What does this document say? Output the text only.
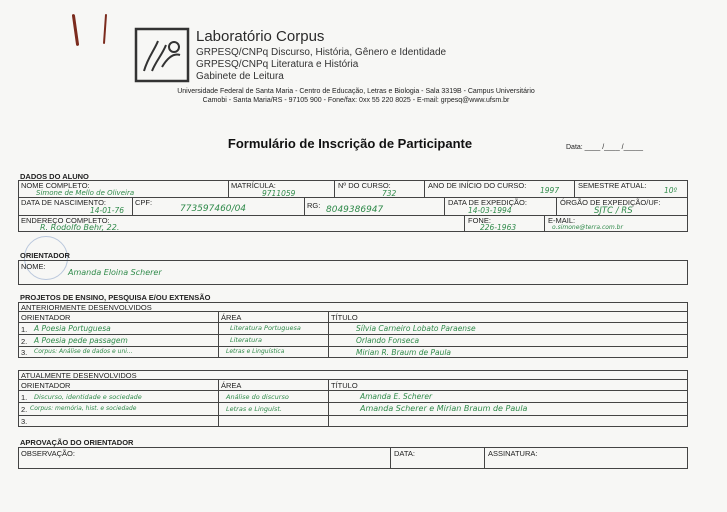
Laboratório Corpus
GRPESQ/CNPq Discurso, História, Gênero e Identidade
GRPESQ/CNPq Literatura e História
Gabinete de Leitura
Universidade Federal de Santa Maria - Centro de Educação, Letras e Biologia - Sala 3319B - Campus Universitário
Camobi - Santa Maria/RS - 97105 900 - Fone/fax: 0xx 55 220 8025 - E-mail: grpesq@www.ufsm.br
Formulário de Inscrição de Participante	Data: ____ /____ /_____
DADOS DO ALUNO
NOME COMPLETO:
Simone de Mello de Oliveira
MATRÍCULA:
9711059
Nº DO CURSO:
732
ANO DE INÍCIO DO CURSO:
1997
SEMESTRE ATUAL:
10º
DATA DE NASCIMENTO:
14-01-76
CPF:
773597460/04	RG: 8049386947
DATA DE EXPEDIÇÃO:
14-03-1994
ÓRGÃO DE EXPEDIÇÃO/UF:
SJTC / RS
ENDEREÇO COMPLETO:
R. Rodolfo Behr, 22.
FONE:
226-1963
E-MAIL:
o.simone@terra.com.br
ORIENTADOR
NOME:
Amanda Eloina Scherer
PROJETOS DE ENSINO, PESQUISA E/OU EXTENSÃO
ANTERIORMENTE DESENVOLVIDOS
ORIENTADOR	ÁREA	TÍTULO
1. A Poesia Portuguesa	Literatura Portuguesa	Sílvia Carneiro Lobato Paraense
2. A Poesia pede passagem	Literatura	Orlando Fonseca
3. Corpus: Análise de dados e uni...	Letras e Linguística	Mirian R. Braum de Paula
ATUALMENTE DESENVOLVIDOS
ORIENTADOR	ÁREA	TÍTULO
1. Discurso, identidade e sociedade	Análise do discurso	Amanda E. Scherer
2. Corpus: memória, hist. e sociedade	Letras e Linguíst.	Amanda Scherer e Mirian Braum de Paula
3.
APROVAÇÃO DO ORIENTADOR
OBSERVAÇÃO:	DATA:	ASSINATURA:
